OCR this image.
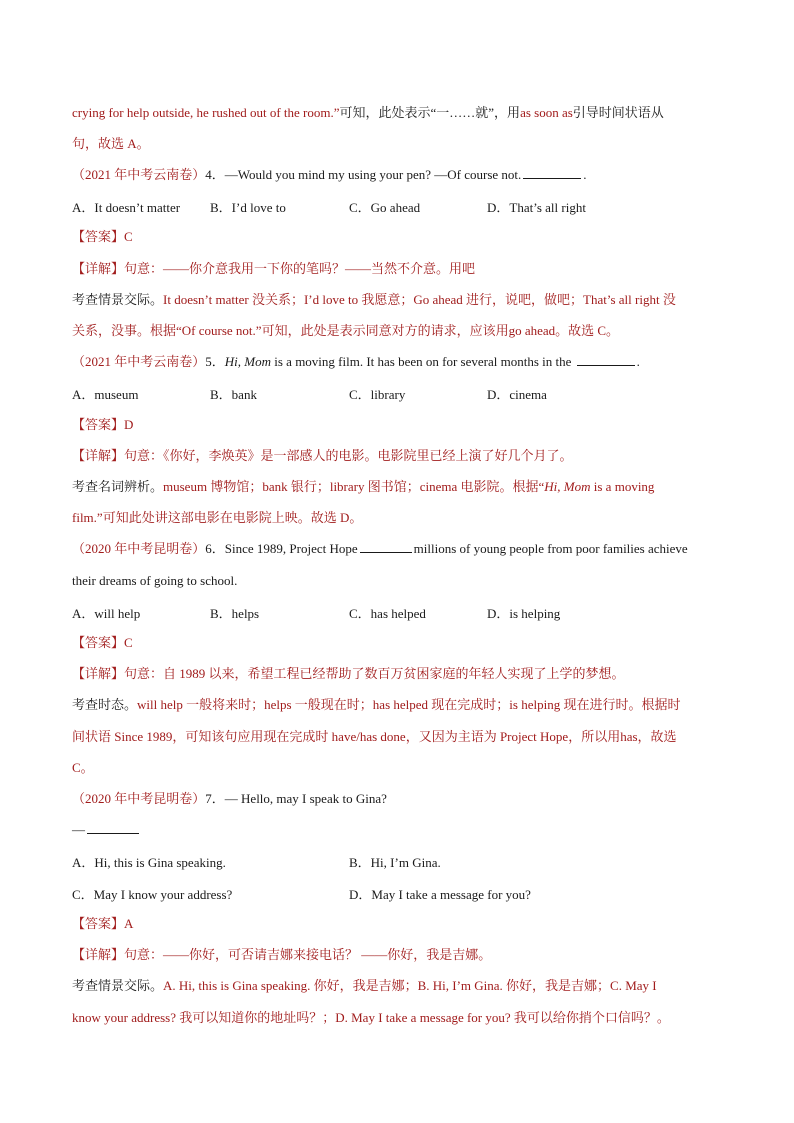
crying for help outside, he rushed out of the room.”可知，此处表示“一……就”，用as soon as引导时间状语从
句，故选 A。
（2021 年中考云南卷）4．—Would you mind my using your pen? —Of course not.	.
A．It doesn’t matter B．I’d love to	C．Go ahead	D．That’s all right
【答案】C
【详解】句意：——你介意我用一下你的笔吗？——当然不介意。用吧
考查情景交际。It doesn’t matter 没关系；I’d love to 我愿意；Go ahead 进行，说吧，做吧；That’s all right 没
关系，没事。根据“Of course not.”可知，此处是表示同意对方的请求，应该用go ahead。故选 C。
（2021 年中考云南卷）5．Hi, Mom is a moving film. It has been on for several months in the	.
A．museum	B．bank	C．library	D．cinema
【答案】D
【详解】句意：《你好，李焕英》是一部感人的电影。电影院里已经上演了好几个月了。
考查名词辨析。museum 博物馆；bank 银行；library 图书馆；cinema 电影院。根据“Hi, Mom is a moving
film.”可知此处讲这部电影在电影院上映。故选 D。
（2020 年中考昆明卷）6．Since 1989, Project Hope	millions of young people from poor families achieve
their dreams of going to school.
A．will help	B．helps	C．has helped	D．is helping
【答案】C
【详解】句意：自 1989 以来，希望工程已经帮助了数百万贫困家庭的年轻人实现了上学的梦想。
考查时态。will help 一般将来时；helps 一般现在时；has helped 现在完成时；is helping 现在进行时。根据时
间状语 Since 1989，可知该句应用现在完成时 have/has done，又因为主语为 Project Hope，所以用has，故选
C。
（2020 年中考昆明卷）7．— Hello, may I speak to Gina?
—
A．Hi, this is Gina speaking.	B．Hi, I’m Gina.
C．May I know your address?	D．May I take a message for you?
【答案】A
【详解】句意：——你好，可否请吉娜来接电话？ ——你好，我是吉娜。
考查情景交际。A. Hi, this is Gina speaking. 你好，我是吉娜；B. Hi, I’m Gina. 你好，我是吉娜；C. May I
know your address? 我可以知道你的地址吗？；D. May I take a message for you? 我可以给你捎个口信吗？。
